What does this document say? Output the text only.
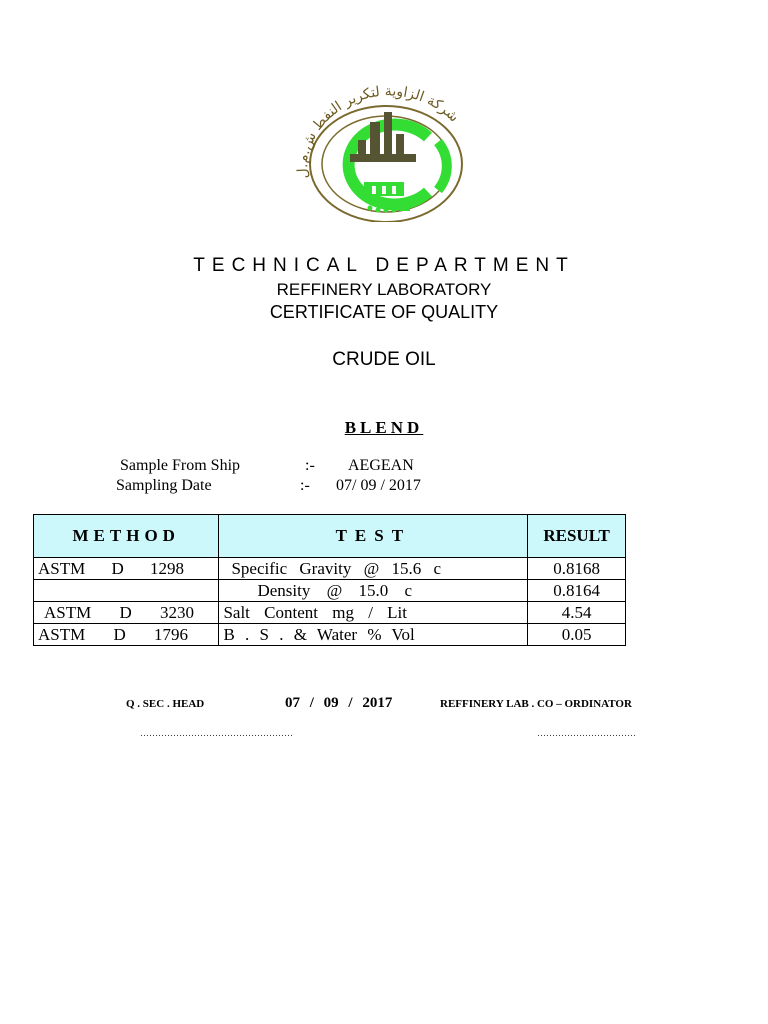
شركة الزاوية لتكرير النفط ش.م.ل
TECHNICAL DEPARTMENT
REFFINERY LABORATORY
CERTIFICATE OF QUALITY
CRUDE OIL
BLEND
Sample From Ship	:- AEGEAN
Sampling Date	:- 07/ 09 / 2017
METHOD	TEST	RESULT
ASTM D 1298	Specific Gravity @ 15.6 c	0.8168
	Density @ 15.0 c	0.8164
ASTM D 3230	Salt Content mg / Lit	4.54
ASTM D 1796	B . S . & Water % Vol	0.05
Q . SEC . HEAD	07 / 09 / 2017	REFFINERY LAB . CO – ORDINATOR
……………………………………………	……………………………
